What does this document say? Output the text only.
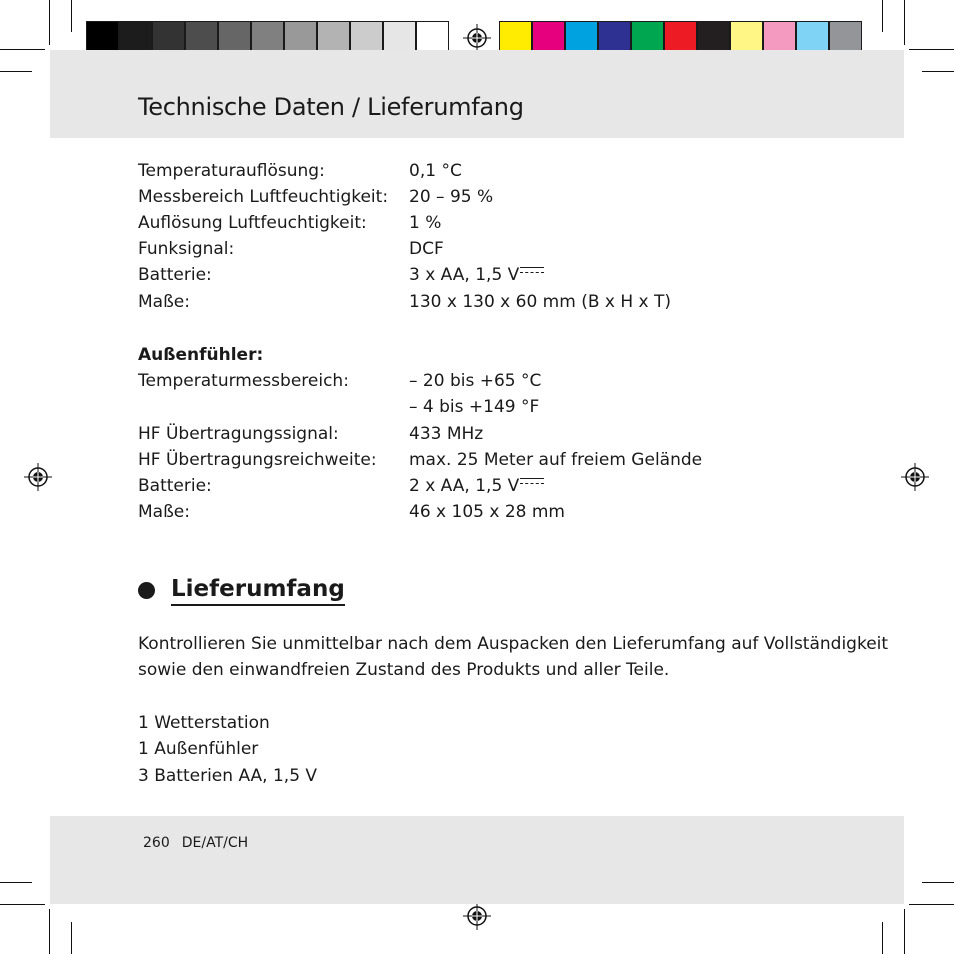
Technische Daten / Lieferumfang
Temperaturauflösung:	0,1 °C
Messbereich Luftfeuchtigkeit: 20 – 95 %
Auflösung Luftfeuchtigkeit: 1 %
Funksignal:	DCF
Batterie:	3 x AA, 1,5 V
Maße:	130 x 130 x 60 mm (B x H x T)
Außenfühler:
Temperaturmessbereich:	– 20 bis +65 °C
– 4 bis +149 °F
HF Übertragungssignal:	433 MHz
HF Übertragungsreichweite: max. 25 Meter auf freiem Gelände
Batterie:	2 x AA, 1,5 V
Maße:	46 x 105 x 28 mm
Lieferumfang
Kontrollieren Sie unmittelbar nach dem Auspacken den Lieferumfang auf Vollständigkeit
sowie den einwandfreien Zustand des Produkts und aller Teile.
1 Wetterstation
1 Außenfühler
3 Batterien AA, 1,5 V
260 DE/AT/CH
